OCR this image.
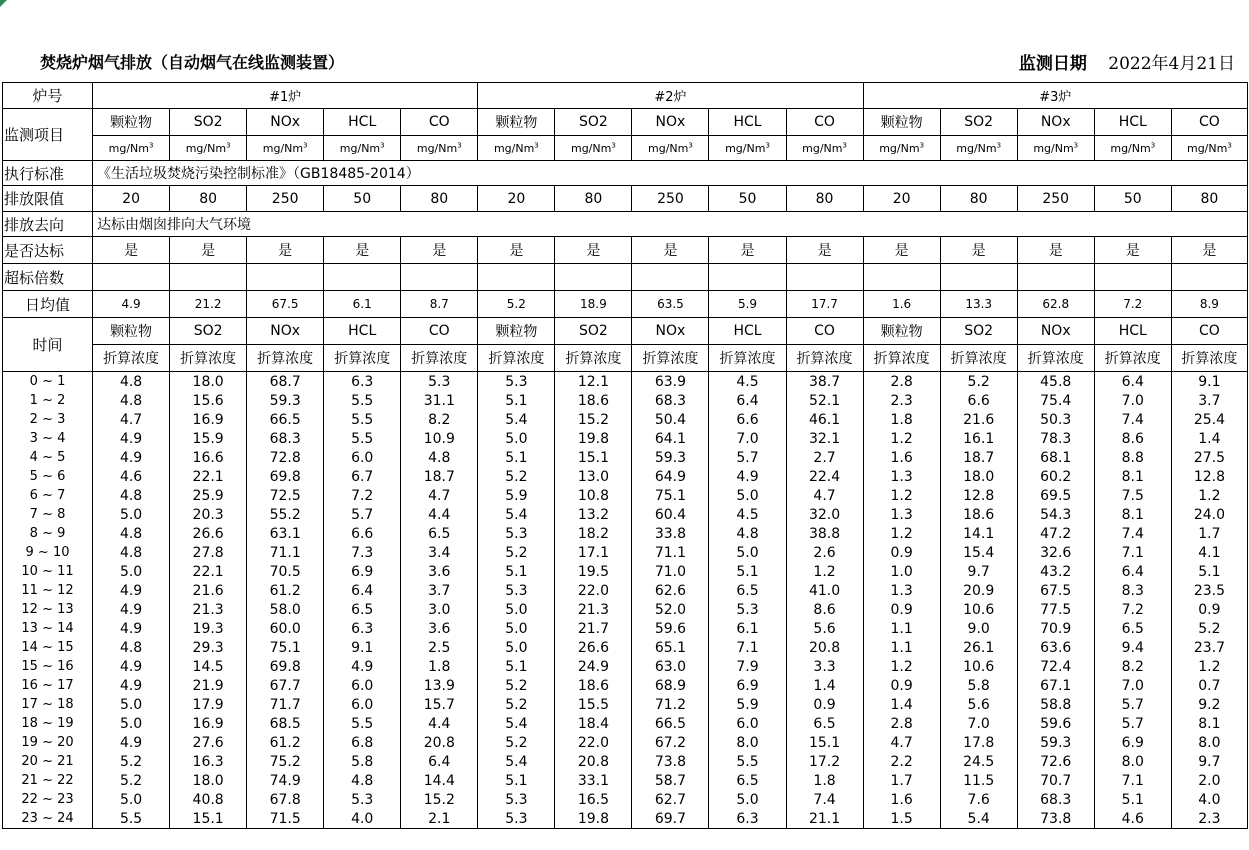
焚烧炉烟气排放（自动烟气在线监测装置）	监测日期 2022年4月21日
炉号	#1炉					#2炉					#3炉				
监测项目	颗粒物	SO2	NOx	HCL	CO	颗粒物	SO2	NOx	HCL	CO	颗粒物	SO2	NOx	HCL	CO
	mg/Nm$^3$	mg/Nm$^3$	mg/Nm$^3$	mg/Nm$^3$	mg/Nm$^3$	mg/Nm$^3$	mg/Nm$^3$	mg/Nm$^3$	mg/Nm$^3$	mg/Nm$^3$	mg/Nm$^3$	mg/Nm$^3$	mg/Nm$^3$	mg/Nm$^3$	mg/Nm$^3$
执行标准	《生活垃圾焚烧污染控制标准》（GB18485-2014）														
排放限值	20	80	250	50	80	20	80	250	50	80	20	80	250	50	80
排放去向	达标由烟囱排向大气环境														
是否达标	是	是	是	是	是	是	是	是	是	是	是	是	是	是	是
超标倍数															
日均值	4.9	21.2	67.5	6.1	8.7	5.2	18.9	63.5	5.9	17.7	1.6	13.3	62.8	7.2	8.9
时间	颗粒物	SO2	NOx	HCL	CO	颗粒物	SO2	NOx	HCL	CO	颗粒物	SO2	NOx	HCL	CO
	折算浓度	折算浓度	折算浓度	折算浓度	折算浓度	折算浓度	折算浓度	折算浓度	折算浓度	折算浓度	折算浓度	折算浓度	折算浓度	折算浓度	折算浓度
0 ~ 1	4.8	18.0	68.7	6.3	5.3	5.3	12.1	63.9	4.5	38.7	2.8	5.2	45.8	6.4	9.1
1 ~ 2	4.8	15.6	59.3	5.5	31.1	5.1	18.6	68.3	6.4	52.1	2.3	6.6	75.4	7.0	3.7
2 ~ 3	4.7	16.9	66.5	5.5	8.2	5.4	15.2	50.4	6.6	46.1	1.8	21.6	50.3	7.4	25.4
3 ~ 4	4.9	15.9	68.3	5.5	10.9	5.0	19.8	64.1	7.0	32.1	1.2	16.1	78.3	8.6	1.4
4 ~ 5	4.9	16.6	72.8	6.0	4.8	5.1	15.1	59.3	5.7	2.7	1.6	18.7	68.1	8.8	27.5
5 ~ 6	4.6	22.1	69.8	6.7	18.7	5.2	13.0	64.9	4.9	22.4	1.3	18.0	60.2	8.1	12.8
6 ~ 7	4.8	25.9	72.5	7.2	4.7	5.9	10.8	75.1	5.0	4.7	1.2	12.8	69.5	7.5	1.2
7 ~ 8	5.0	20.3	55.2	5.7	4.4	5.4	13.2	60.4	4.5	32.0	1.3	18.6	54.3	8.1	24.0
8 ~ 9	4.8	26.6	63.1	6.6	6.5	5.3	18.2	33.8	4.8	38.8	1.2	14.1	47.2	7.4	1.7
9 ~ 10	4.8	27.8	71.1	7.3	3.4	5.2	17.1	71.1	5.0	2.6	0.9	15.4	32.6	7.1	4.1
10 ~ 11	5.0	22.1	70.5	6.9	3.6	5.1	19.5	71.0	5.1	1.2	1.0	9.7	43.2	6.4	5.1
11 ~ 12	4.9	21.6	61.2	6.4	3.7	5.3	22.0	62.6	6.5	41.0	1.3	20.9	67.5	8.3	23.5
12 ~ 13	4.9	21.3	58.0	6.5	3.0	5.0	21.3	52.0	5.3	8.6	0.9	10.6	77.5	7.2	0.9
13 ~ 14	4.9	19.3	60.0	6.3	3.6	5.0	21.7	59.6	6.1	5.6	1.1	9.0	70.9	6.5	5.2
14 ~ 15	4.8	29.3	75.1	9.1	2.5	5.0	26.6	65.1	7.1	20.8	1.1	26.1	63.6	9.4	23.7
15 ~ 16	4.9	14.5	69.8	4.9	1.8	5.1	24.9	63.0	7.9	3.3	1.2	10.6	72.4	8.2	1.2
16 ~ 17	4.9	21.9	67.7	6.0	13.9	5.2	18.6	68.9	6.9	1.4	0.9	5.8	67.1	7.0	0.7
17 ~ 18	5.0	17.9	71.7	6.0	15.7	5.2	15.5	71.2	5.9	0.9	1.4	5.6	58.8	5.7	9.2
18 ~ 19	5.0	16.9	68.5	5.5	4.4	5.4	18.4	66.5	6.0	6.5	2.8	7.0	59.6	5.7	8.1
19 ~ 20	4.9	27.6	61.2	6.8	20.8	5.2	22.0	67.2	8.0	15.1	4.7	17.8	59.3	6.9	8.0
20 ~ 21	5.2	16.3	75.2	5.8	6.4	5.4	20.8	73.8	5.5	17.2	2.2	24.5	72.6	8.0	9.7
21 ~ 22	5.2	18.0	74.9	4.8	14.4	5.1	33.1	58.7	6.5	1.8	1.7	11.5	70.7	7.1	2.0
22 ~ 23	5.0	40.8	67.8	5.3	15.2	5.3	16.5	62.7	5.0	7.4	1.6	7.6	68.3	5.1	4.0
23 ~ 24	5.5	15.1	71.5	4.0	2.1	5.3	19.8	69.7	6.3	21.1	1.5	5.4	73.8	4.6	2.3
